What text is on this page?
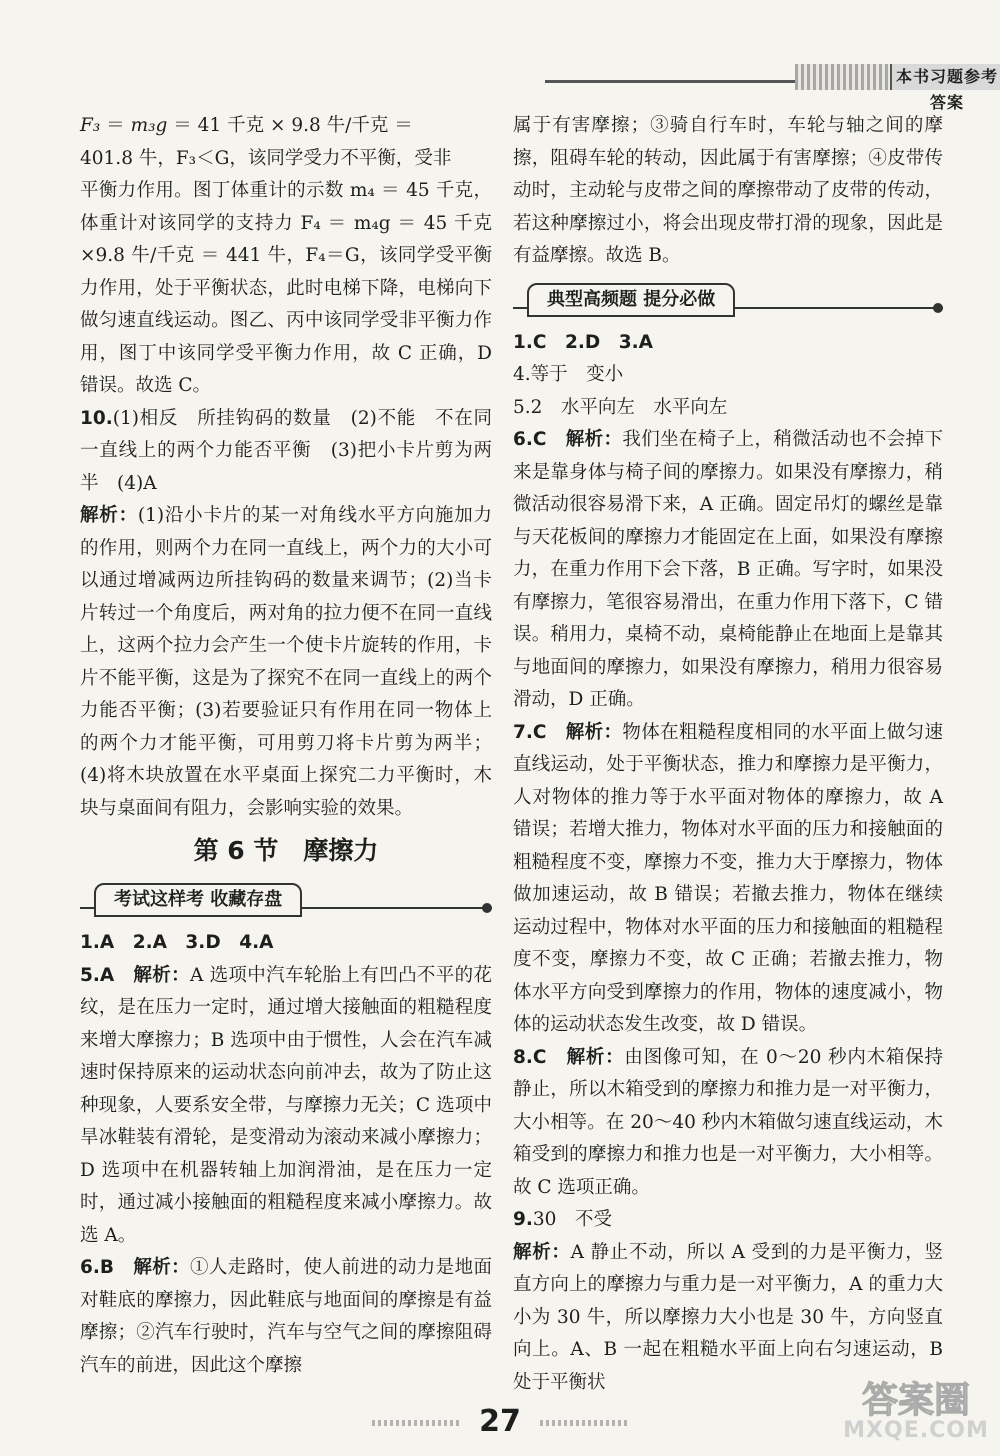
本书习题参考答案

F₃ ＝ m₃g ＝ 41 千克 × 9.8 牛/千克 ＝

401.8 牛，F₃＜G，该同学受力不平衡，受非

平衡力作用。图丁体重计的示数 m₄ ＝ 45 千克，体重计对该同学的支持力 F₄ ＝ m₄g ＝ 45 千克×9.8 牛/千克 ＝ 441 牛，F₄＝G，该同学受平衡力作用，处于平衡状态，此时电梯下降，电梯向下做匀速直线运动。图乙、丙中该同学受非平衡力作用，图丁中该同学受平衡力作用，故 C 正确，D 错误。故选 C。

10.(1)相反　所挂钩码的数量　(2)不能　不在同一直线上的两个力能否平衡　(3)把小卡片剪为两半　(4)A

解析：(1)沿小卡片的某一对角线水平方向施加力的作用，则两个力在同一直线上，两个力的大小可以通过增减两边所挂钩码的数量来调节；(2)当卡片转过一个角度后，两对角的拉力便不在同一直线上，这两个拉力会产生一个使卡片旋转的作用，卡片不能平衡，这是为了探究不在同一直线上的两个力能否平衡；(3)若要验证只有作用在同一物体上的两个力才能平衡，可用剪刀将卡片剪为两半；(4)将木块放置在水平桌面上探究二力平衡时，木块与桌面间有阻力，会影响实验的效果。

第 6 节　摩擦力
考试这样考 收藏存盘

1.A　2.A　3.D　4.A

5.A　 解析：A 选项中汽车轮胎上有凹凸不平的花纹，是在压力一定时，通过增大接触面的粗糙程度来增大摩擦力；B 选项中由于惯性，人会在汽车减速时保持原来的运动状态向前冲去，故为了防止这种现象，人要系安全带，与摩擦力无关；C 选项中旱冰鞋装有滑轮，是变滑动为滚动来减小摩擦力；D 选项中在机器转轴上加润滑油，是在压力一定时，通过减小接触面的粗糙程度来减小摩擦力。故选 A。

6.B　 解析：①人走路时，使人前进的动力是地面对鞋底的摩擦力，因此鞋底与地面间的摩擦是有益摩擦；②汽车行驶时，汽车与空气之间的摩擦阻碍汽车的前进，因此这个摩擦

属于有害摩擦；③骑自行车时，车轮与轴之间的摩擦，阻碍车轮的转动，因此属于有害摩擦；④皮带传动时，主动轮与皮带之间的摩擦带动了皮带的传动，若这种摩擦过小，将会出现皮带打滑的现象，因此是有益摩擦。故选 B。

典型高频题 提分必做

1.C　2.D　3.A

4.等于　变小

5.2　水平向左　水平向左

6.C　 解析：我们坐在椅子上，稍微活动也不会掉下来是靠身体与椅子间的摩擦力。如果没有摩擦力，稍微活动很容易滑下来，A 正确。固定吊灯的螺丝是靠与天花板间的摩擦力才能固定在上面，如果没有摩擦力，在重力作用下会下落，B 正确。写字时，如果没有摩擦力，笔很容易滑出，在重力作用下落下，C 错误。稍用力，桌椅不动，桌椅能静止在地面上是靠其与地面间的摩擦力，如果没有摩擦力，稍用力很容易滑动，D 正确。

7.C　 解析：物体在粗糙程度相同的水平面上做匀速直线运动，处于平衡状态，推力和摩擦力是平衡力，人对物体的推力等于水平面对物体的摩擦力，故 A 错误；若增大推力，物体对水平面的压力和接触面的粗糙程度不变，摩擦力不变，推力大于摩擦力，物体做加速运动，故 B 错误；若撤去推力，物体在继续运动过程中，物体对水平面的压力和接触面的粗糙程度不变，摩擦力不变，故 C 正确；若撤去推力，物体水平方向受到摩擦力的作用，物体的速度减小，物体的运动状态发生改变，故 D 错误。

8.C　 解析：由图像可知，在 0～20 秒内木箱保持静止，所以木箱受到的摩擦力和推力是一对平衡力，大小相等。在 20～40 秒内木箱做匀速直线运动，木箱受到的摩擦力和推力也是一对平衡力，大小相等。故 C 选项正确。

9.30　不受

解析：A 静止不动，所以 A 受到的力是平衡力，竖直方向上的摩擦力与重力是一对平衡力，A 的重力大小为 30 牛，所以摩擦力大小也是 30 牛，方向竖直向上。A、B 一起在粗糙水平面上向右匀速运动，B 处于平衡状

27
答案圈
MXQE.COM
